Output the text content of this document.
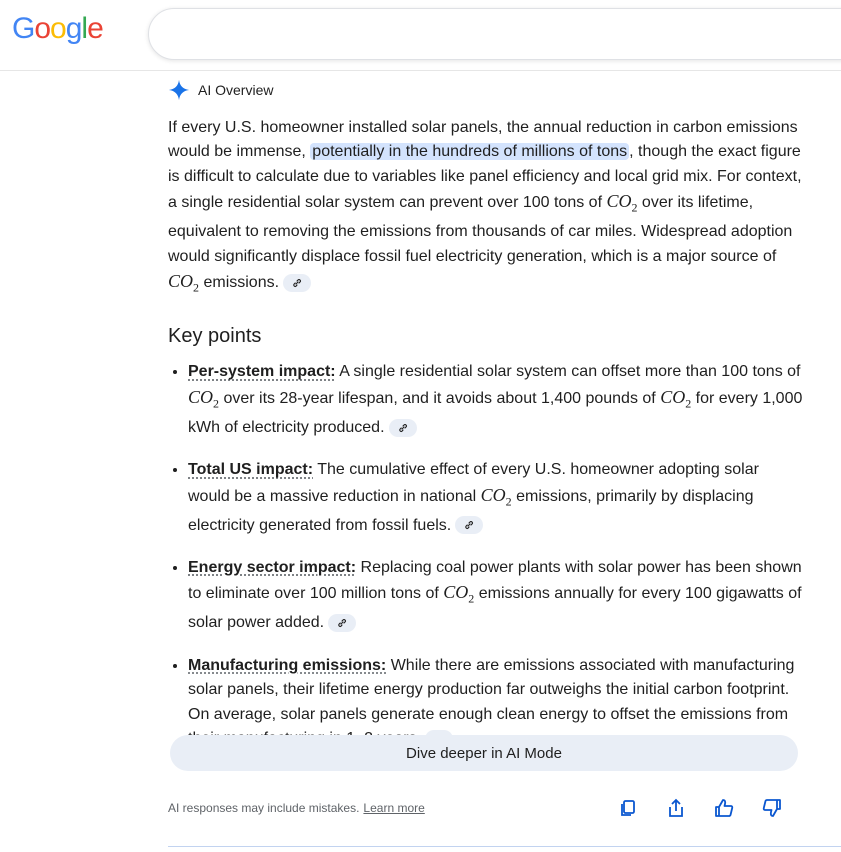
Google
AI Overview
If every U.S. homeowner installed solar panels, the annual reduction in carbon emissions would be immense, potentially in the hundreds of millions of tons , though the exact figure is difficult to calculate due to variables like panel efficiency and local grid mix. For context, a single residential solar system can prevent over 100 tons of $CO_2$ over its lifetime, equivalent to removing the emissions from thousands of car miles. Widespread adoption would significantly displace fossil fuel electricity generation, which is a major source of $CO_2$ emissions.
Key points
• Per-system impact: A single residential solar system can offset more than 100 tons of $CO_2$ over its 28-year lifespan, and it avoids about 1,400 pounds of $CO_2$ for every 1,000 kWh of electricity produced.
• Total US impact: The cumulative effect of every U.S. homeowner adopting solar would be a massive reduction in national $CO_2$ emissions, primarily by displacing electricity generated from fossil fuels.
• Energy sector impact: Replacing coal power plants with solar power has been shown to eliminate over 100 million tons of $CO_2$ emissions annually for every 100 gigawatts of solar power added.
• Manufacturing emissions: While there are emissions associated with manufacturing solar panels, their lifetime energy production far outweighs the initial carbon footprint. On average, solar panels generate enough clean energy to offset the emissions from
Dive deeper in AI Mode
AI responses may include mistakes. Learn more
